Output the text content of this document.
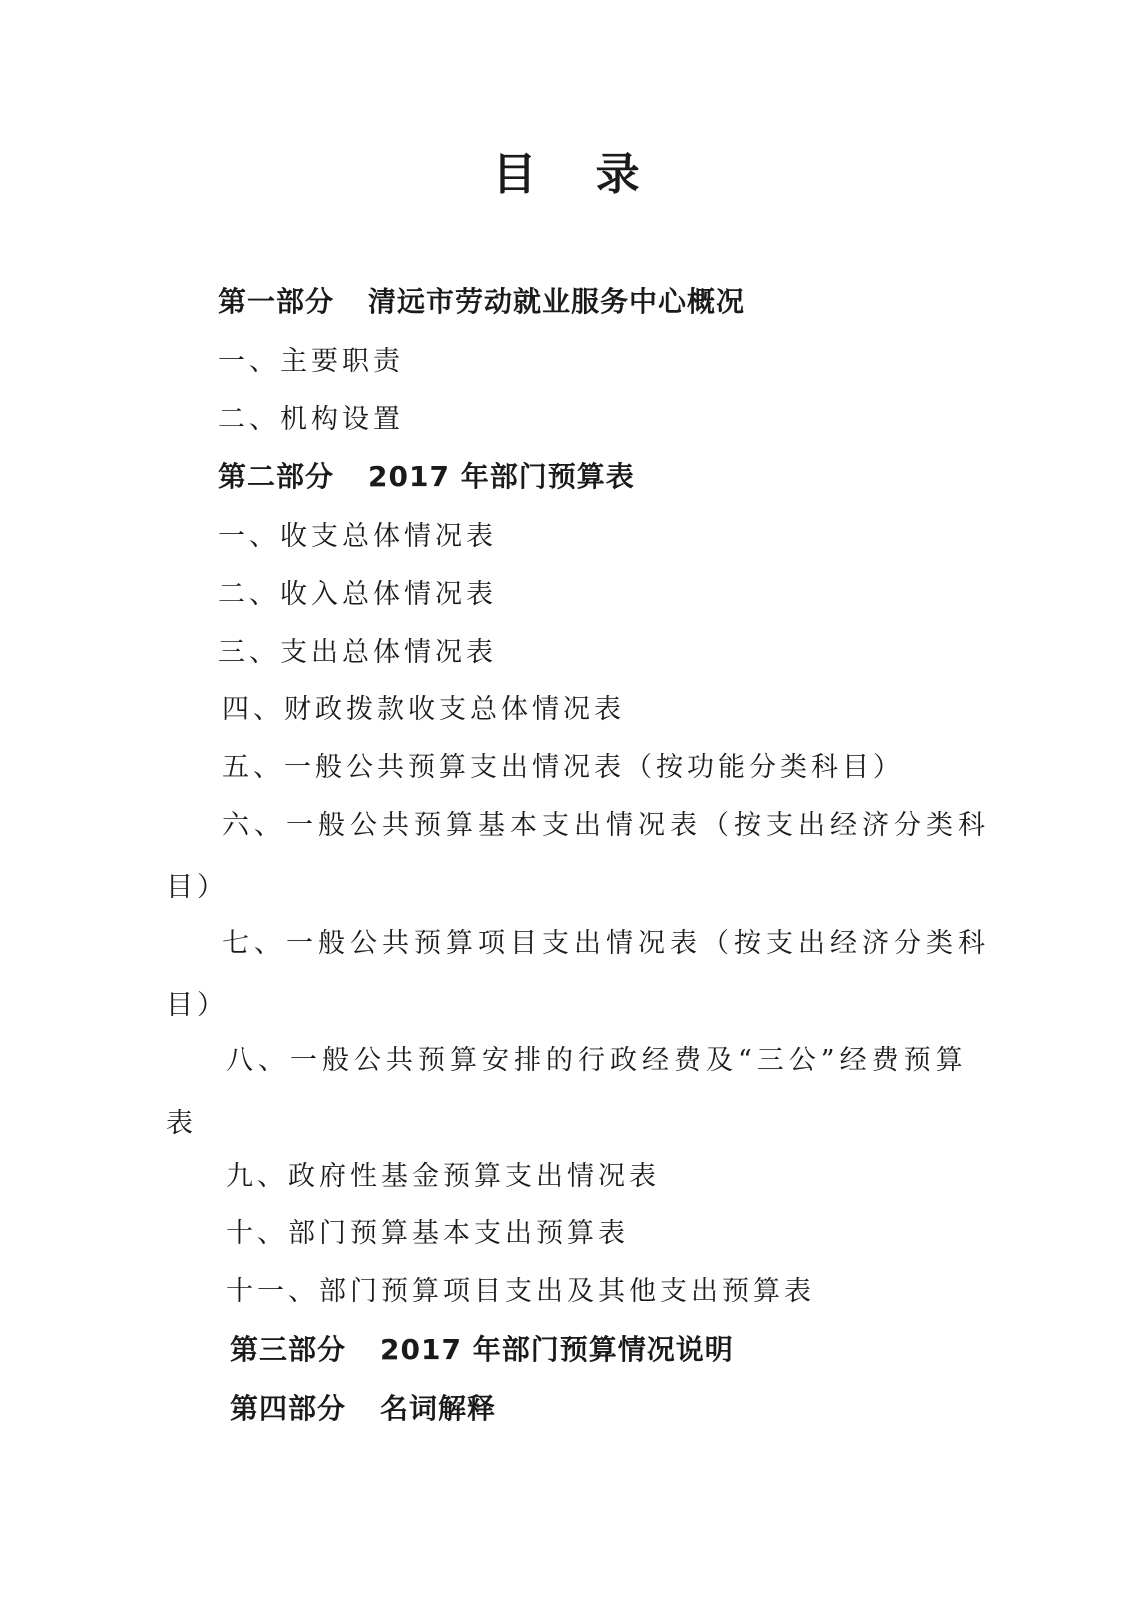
目 录
第一部分 清远市劳动就业服务中心概况
一、主要职责
二、机构设置
第二部分 2017 年部门预算表
一、收支总体情况表
二、收入总体情况表
三、支出总体情况表
四、财政拨款收支总体情况表
五、一般公共预算支出情况表（按功能分类科目）
六、一般公共预算基本支出情况表（按支出经济分类科
目）
七、一般公共预算项目支出情况表（按支出经济分类科
目）
八、一般公共预算安排的行政经费及“三公”经费预算
表
九、政府性基金预算支出情况表
十、部门预算基本支出预算表
十一、部门预算项目支出及其他支出预算表
第三部分 2017 年部门预算情况说明
第四部分 名词解释
